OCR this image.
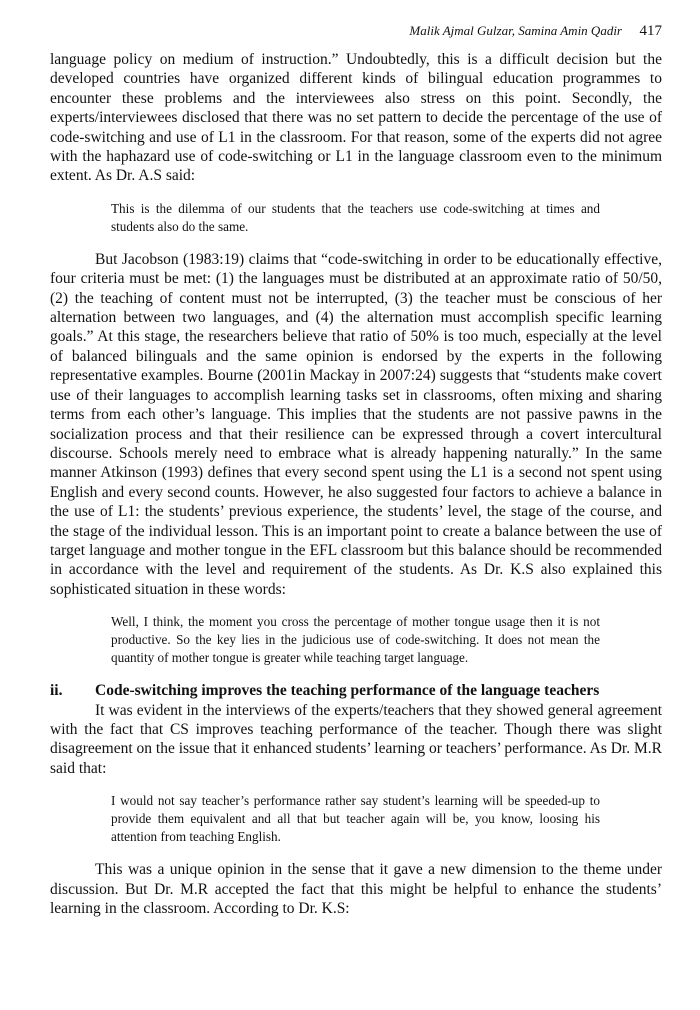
Malik Ajmal Gulzar, Samina Amin Qadir 417

language policy on medium of instruction.” Undoubtedly, this is a difficult decision but the developed countries have organized different kinds of bilingual education programmes to encounter these problems and the interviewees also stress on this point. Secondly, the experts/interviewees disclosed that there was no set pattern to decide the percentage of the use of code-switching and use of L1 in the classroom. For that reason, some of the experts did not agree with the haphazard use of code-switching or L1 in the language classroom even to the minimum extent. As Dr. A.S said:

This is the dilemma of our students that the teachers use code-switching at times and students also do the same.

But Jacobson (1983:19) claims that “code-switching in order to be educationally effective, four criteria must be met: (1) the languages must be distributed at an approximate ratio of 50/50, (2) the teaching of content must not be interrupted, (3) the teacher must be conscious of her alternation between two languages, and (4) the alternation must accomplish specific learning goals.” At this stage, the researchers believe that ratio of 50% is too much, especially at the level of balanced bilinguals and the same opinion is endorsed by the experts in the following representative examples. Bourne (2001in Mackay in 2007:24) suggests that “students make covert use of their languages to accomplish learning tasks set in classrooms, often mixing and sharing terms from each other’s language. This implies that the students are not passive pawns in the socialization process and that their resilience can be expressed through a covert intercultural discourse. Schools merely need to embrace what is already happening naturally.” In the same manner Atkinson (1993) defines that every second spent using the L1 is a second not spent using English and every second counts. However, he also suggested four factors to achieve a balance in the use of L1: the students’ previous experience, the students’ level, the stage of the course, and the stage of the individual lesson. This is an important point to create a balance between the use of target language and mother tongue in the EFL classroom but this balance should be recommended in accordance with the level and requirement of the students. As Dr. K.S also explained this sophisticated situation in these words:

Well, I think, the moment you cross the percentage of mother tongue usage then it is not productive. So the key lies in the judicious use of code-switching. It does not mean the quantity of mother tongue is greater while teaching target language.
ii.	Code-switching improves the teaching performance of the language teachers

It was evident in the interviews of the experts/teachers that they showed general agreement with the fact that CS improves teaching performance of the teacher. Though there was slight disagreement on the issue that it enhanced students’ learning or teachers’ performance. As Dr. M.R said that:

I would not say teacher’s performance rather say student’s learning will be speeded-up to provide them equivalent and all that but teacher again will be, you know, loosing his attention from teaching English.

This was a unique opinion in the sense that it gave a new dimension to the theme under discussion. But Dr. M.R accepted the fact that this might be helpful to enhance the students’ learning in the classroom. According to Dr. K.S:
